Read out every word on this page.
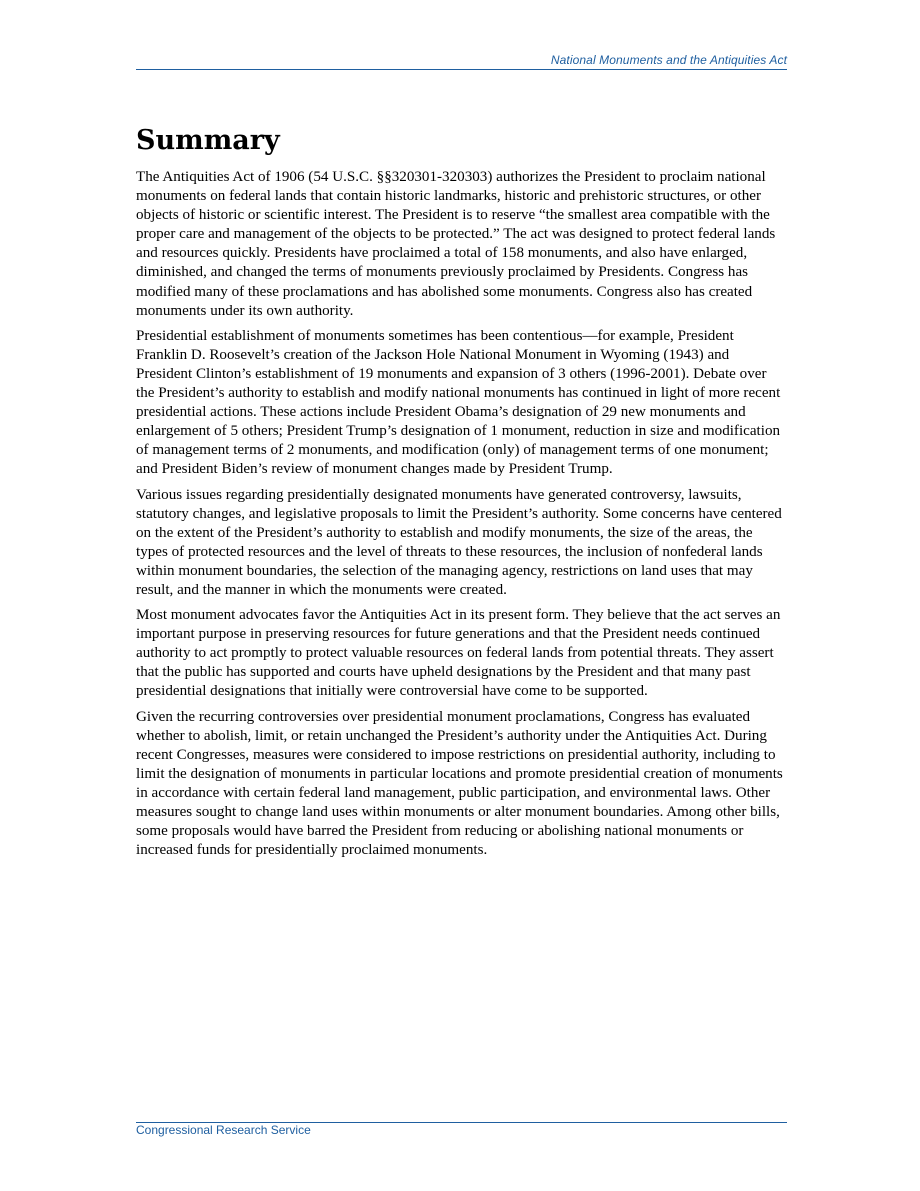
National Monuments and the Antiquities Act
Summary

The Antiquities Act of 1906 (54 U.S.C. §§320301-320303) authorizes the President to proclaim national monuments on federal lands that contain historic landmarks, historic and prehistoric structures, or other objects of historic or scientific interest. The President is to reserve “the smallest area compatible with the proper care and management of the objects to be protected.” The act was designed to protect federal lands and resources quickly. Presidents have proclaimed a total of 158 monuments, and also have enlarged, diminished, and changed the terms of monuments previously proclaimed by Presidents. Congress has modified many of these proclamations and has abolished some monuments. Congress also has created monuments under its own authority.

Presidential establishment of monuments sometimes has been contentious—for example, President Franklin D. Roosevelt’s creation of the Jackson Hole National Monument in Wyoming (1943) and President Clinton’s establishment of 19 monuments and expansion of 3 others (1996-2001). Debate over the President’s authority to establish and modify national monuments has continued in light of more recent presidential actions. These actions include President Obama’s designation of 29 new monuments and enlargement of 5 others; President Trump’s designation of 1 monument, reduction in size and modification of management terms of 2 monuments, and modification (only) of management terms of one monument; and President Biden’s review of monument changes made by President Trump.

Various issues regarding presidentially designated monuments have generated controversy, lawsuits, statutory changes, and legislative proposals to limit the President’s authority. Some concerns have centered on the extent of the President’s authority to establish and modify monuments, the size of the areas, the types of protected resources and the level of threats to these resources, the inclusion of nonfederal lands within monument boundaries, the selection of the managing agency, restrictions on land uses that may result, and the manner in which the monuments were created.

Most monument advocates favor the Antiquities Act in its present form. They believe that the act serves an important purpose in preserving resources for future generations and that the President needs continued authority to act promptly to protect valuable resources on federal lands from potential threats. They assert that the public has supported and courts have upheld designations by the President and that many past presidential designations that initially were controversial have come to be supported.

Given the recurring controversies over presidential monument proclamations, Congress has evaluated whether to abolish, limit, or retain unchanged the President’s authority under the Antiquities Act. During recent Congresses, measures were considered to impose restrictions on presidential authority, including to limit the designation of monuments in particular locations and promote presidential creation of monuments in accordance with certain federal land management, public participation, and environmental laws. Other measures sought to change land uses within monuments or alter monument boundaries. Among other bills, some proposals would have barred the President from reducing or abolishing national monuments or increased funds for presidentially proclaimed monuments.

Congressional Research Service
